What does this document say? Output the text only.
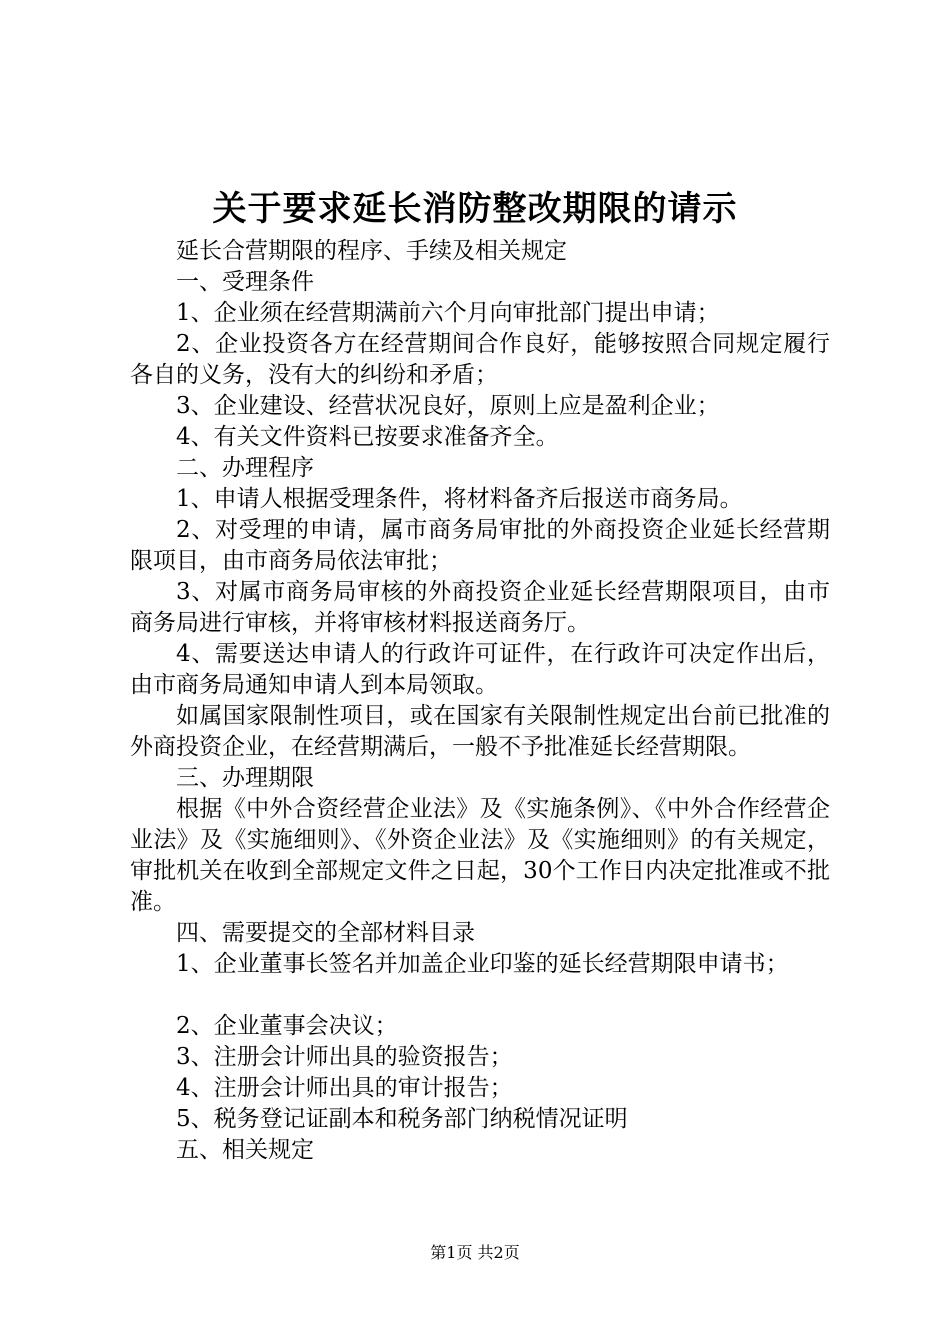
关于要求延长消防整改期限的请示

延长合营期限的程序、手续及相关规定

一、受理条件

1、企业须在经营期满前六个月向审批部门提出申请；

2、企业投资各方在经营期间合作良好，能够按照合同规定履行各自的义务，没有大的纠纷和矛盾；

3、企业建设、经营状况良好，原则上应是盈利企业；

4、有关文件资料已按要求准备齐全。

二、办理程序

1、申请人根据受理条件，将材料备齐后报送市商务局。

2、对受理的申请，属市商务局审批的外商投资企业延长经营期限项目，由市商务局依法审批；

3、对属市商务局审核的外商投资企业延长经营期限项目，由市商务局进行审核，并将审核材料报送商务厅。

4、需要送达申请人的行政许可证件，在行政许可决定作出后，由市商务局通知申请人到本局领取。

如属国家限制性项目，或在国家有关限制性规定出台前已批准的外商投资企业，在经营期满后，一般不予批准延长经营期限。

三、办理期限

根据《中外合资经营企业法》及《实施条例》、《中外合作经营企业法》及《实施细则》、《外资企业法》及《实施细则》的有关规定，审批机关在收到全部规定文件之日起，30个工作日内决定批准或不批准。

四、需要提交的全部材料目录

1、企业董事长签名并加盖企业印鉴的延长经营期限申请书；

2、企业董事会决议；

3、注册会计师出具的验资报告；

4、注册会计师出具的审计报告；

5、税务登记证副本和税务部门纳税情况证明

五、相关规定

第1页 共2页
